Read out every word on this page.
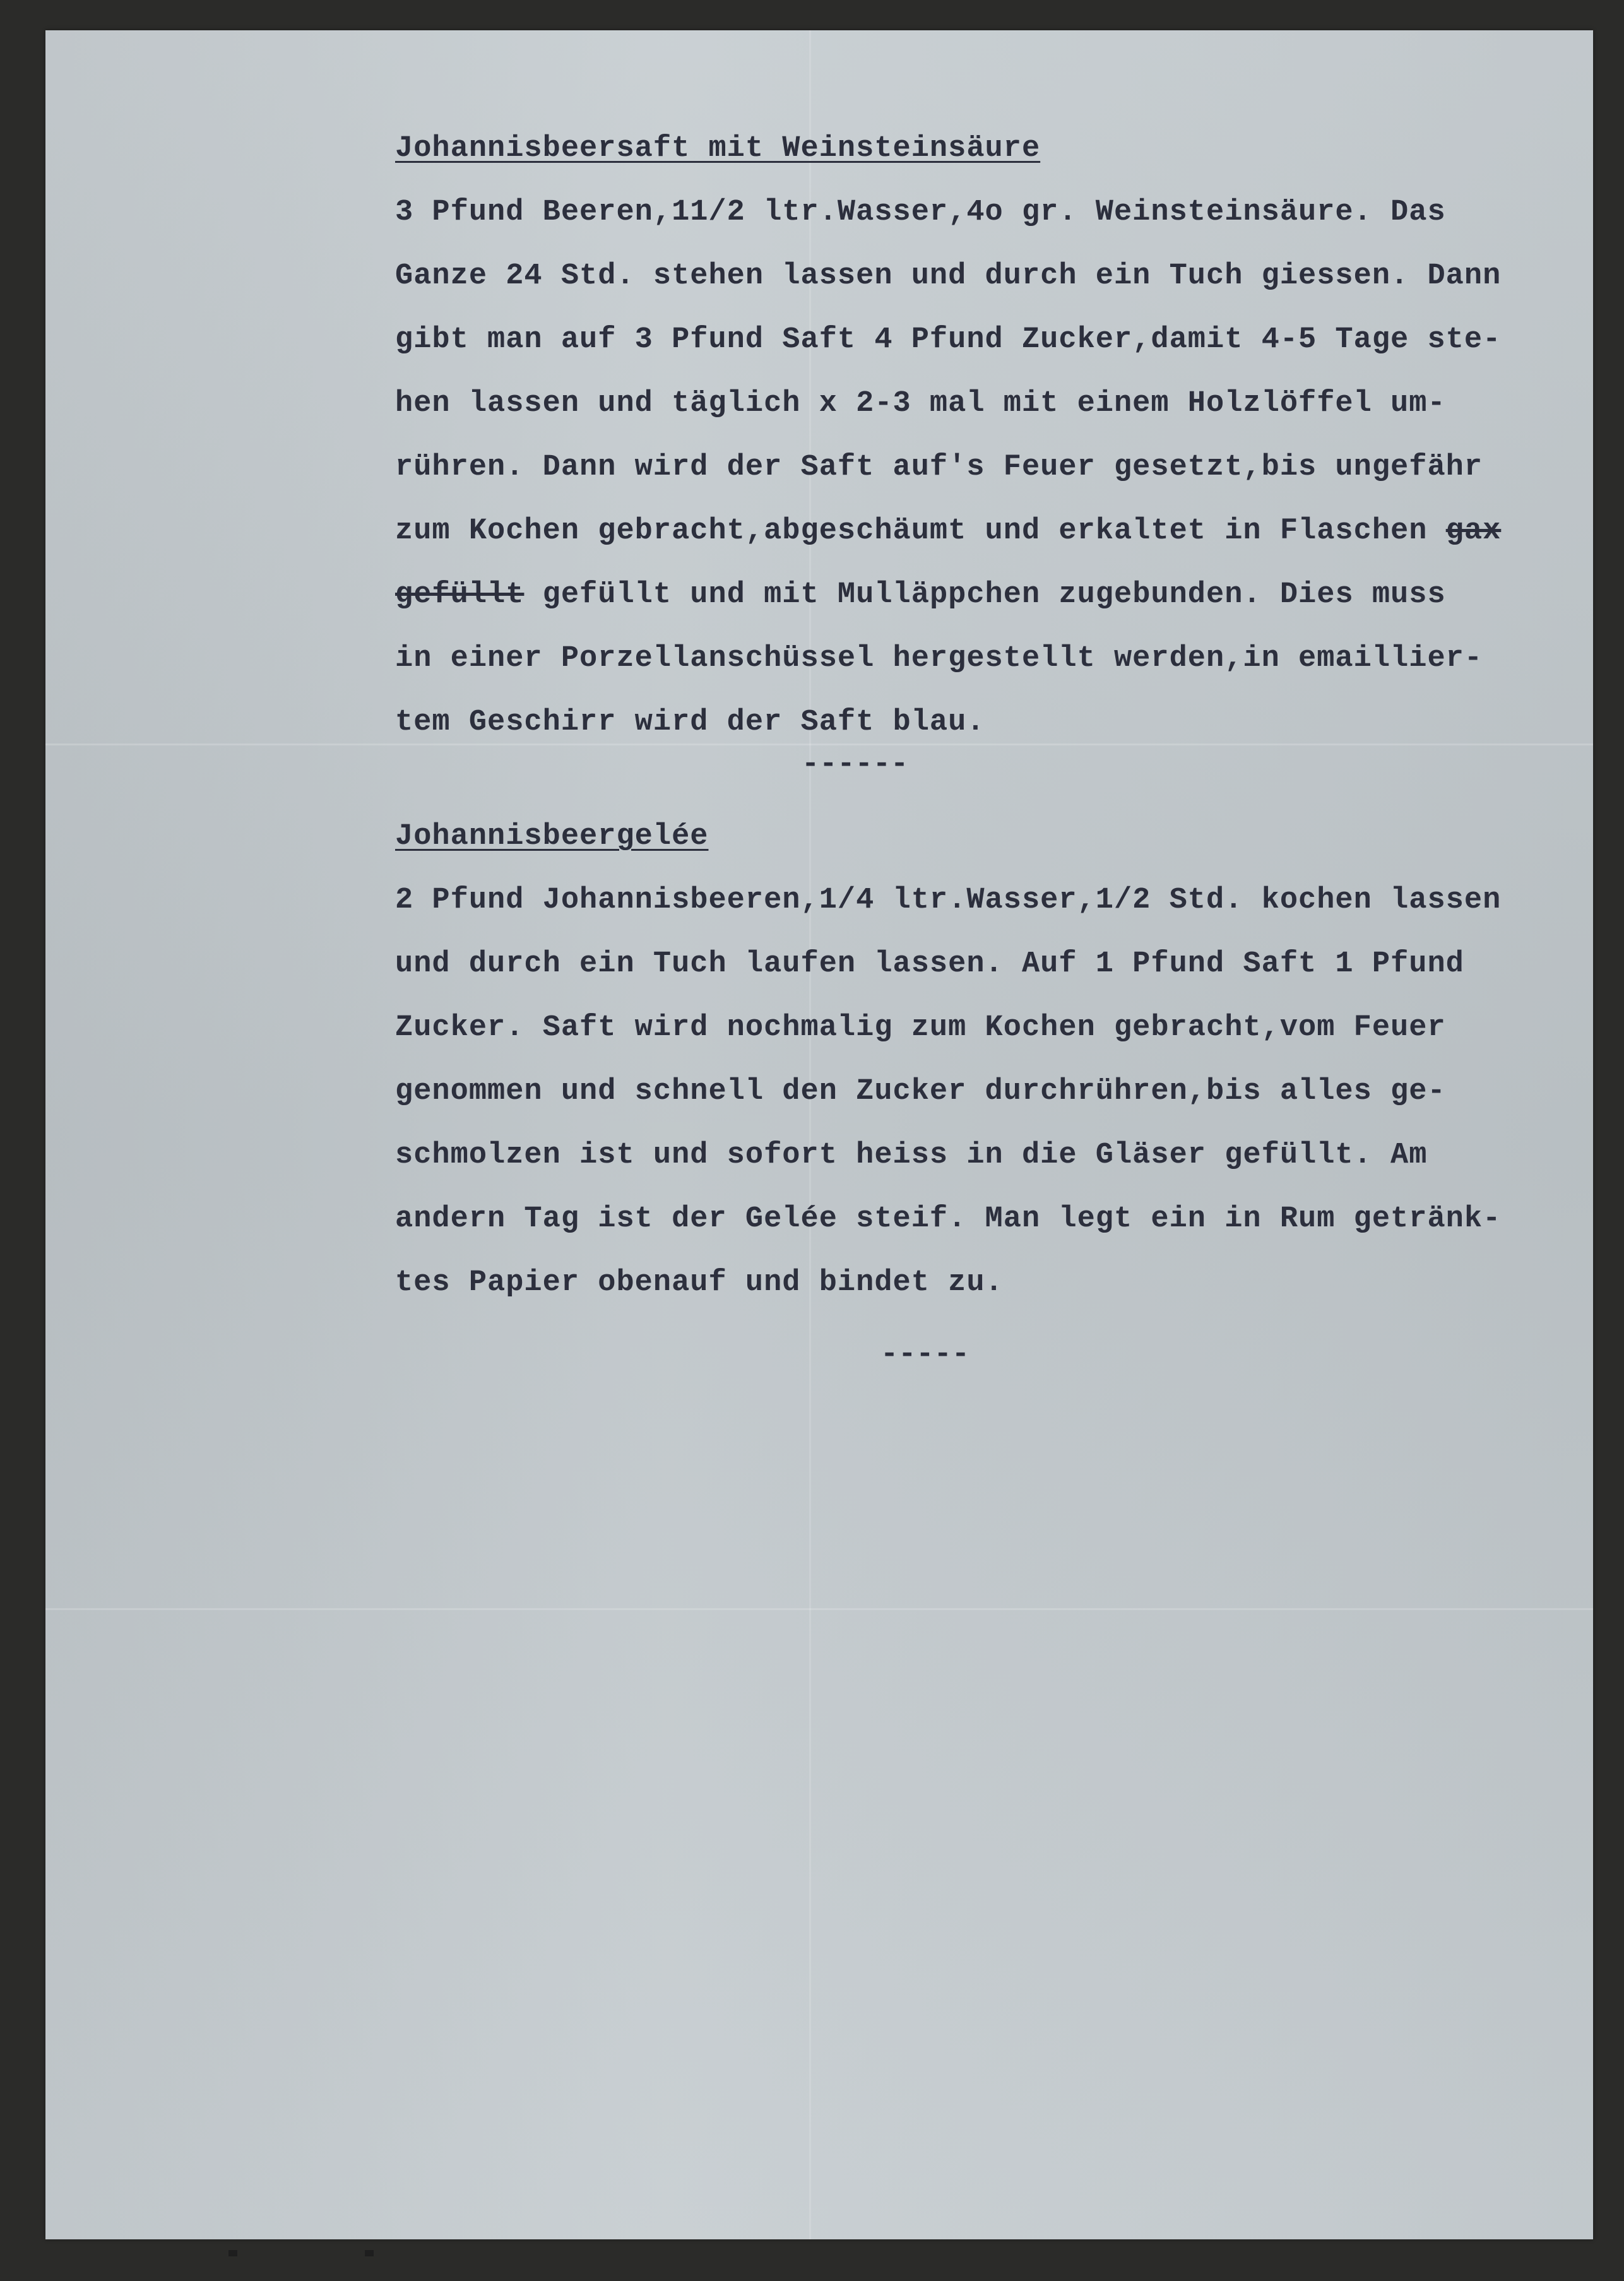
Johannisbeersaft mit Weinsteinsäure
3 Pfund Beeren,11/2 ltr.Wasser,4o gr. Weinsteinsäure. Das
Ganze 24 Std. stehen lassen und durch ein Tuch giessen. Dann
gibt man auf 3 Pfund Saft 4 Pfund Zucker,damit 4-5 Tage ste-
hen lassen und täglich x 2-3 mal mit einem Holzlöffel um-
rühren. Dann wird der Saft auf's Feuer gesetzt,bis ungefähr
zum Kochen gebracht,abgeschäumt und erkaltet in Flaschen gax
gefüllt gefüllt und mit Mulläppchen zugebunden. Dies muss
in einer Porzellanschüssel hergestellt werden,in emaillier-
tem Geschirr wird der Saft blau.
------
Johannisbeergelée
2 Pfund Johannisbeeren,1/4 ltr.Wasser,1/2 Std. kochen lassen
und durch ein Tuch laufen lassen. Auf 1 Pfund Saft 1 Pfund
Zucker. Saft wird nochmalig zum Kochen gebracht,vom Feuer
genommen und schnell den Zucker durchrühren,bis alles ge-
schmolzen ist und sofort heiss in die Gläser gefüllt. Am
andern Tag ist der Gelée steif. Man legt ein in Rum getränk-
tes Papier obenauf und bindet zu.
-----
